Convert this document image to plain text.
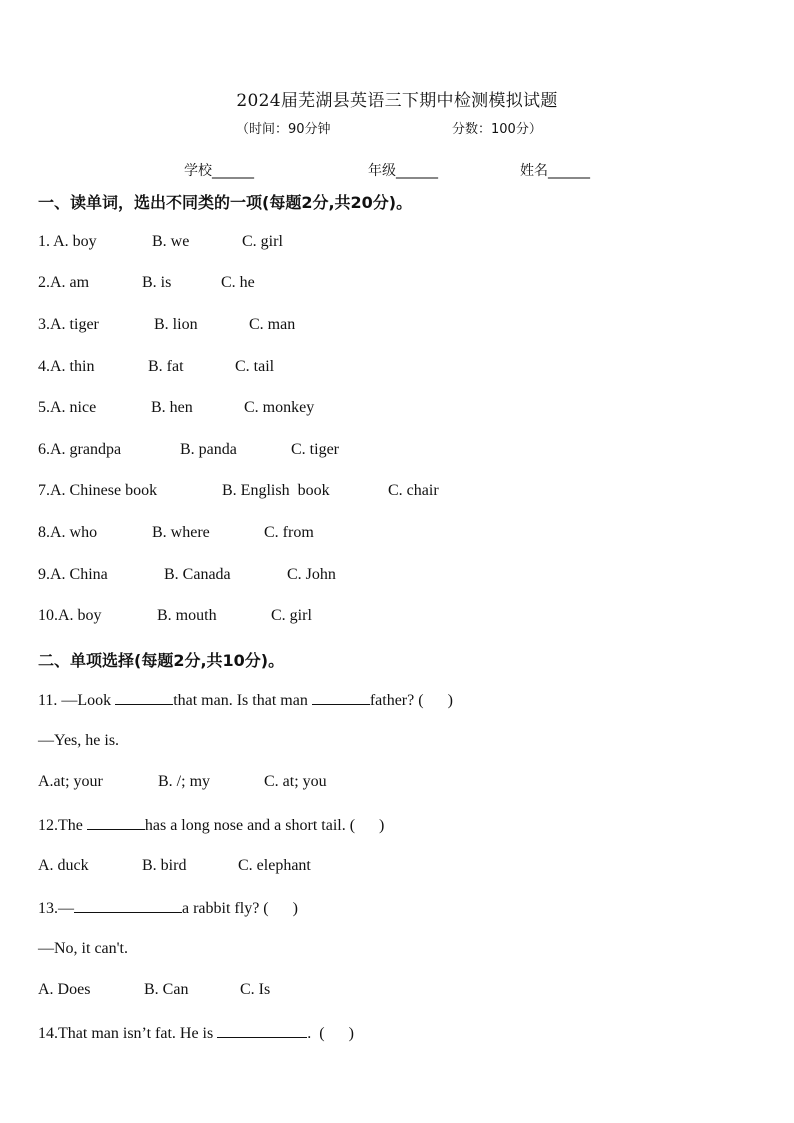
2024届芜湖县英语三下期中检测模拟试题
（时间：90分钟	分数：100分）
学校______	年级______	姓名______
一、读单词，选出不同类的一项(每题2分,共20分)。
1. A. boy	B. we	C. girl
2.A. am	B. is	C. he
3.A. tiger	B. lion	C. man
4.A. thin	B. fat	C. tail
5.A. nice	B. hen	C. monkey
6.A. grandpa	B. panda	C. tiger
7.A. Chinese book	B. English  book	C. chair
8.A. who	B. where	C. from
9.A. China	B. Canada	C. John
10.A. boy	B. mouth	C. girl
二、单项选择(每题2分,共10分)。
11. —Look	that man. Is that man	father? (      )
—Yes, he is.
A.at; your	B. /; my	C. at; you
12.The	has a long nose and a short tail. (      )
A. duck	B. bird	C. elephant
13.—	a rabbit fly? (      )
—No, it can't.
A. Does	B. Can	C. Is
14.That man isn’t fat. He is	.  (      )
